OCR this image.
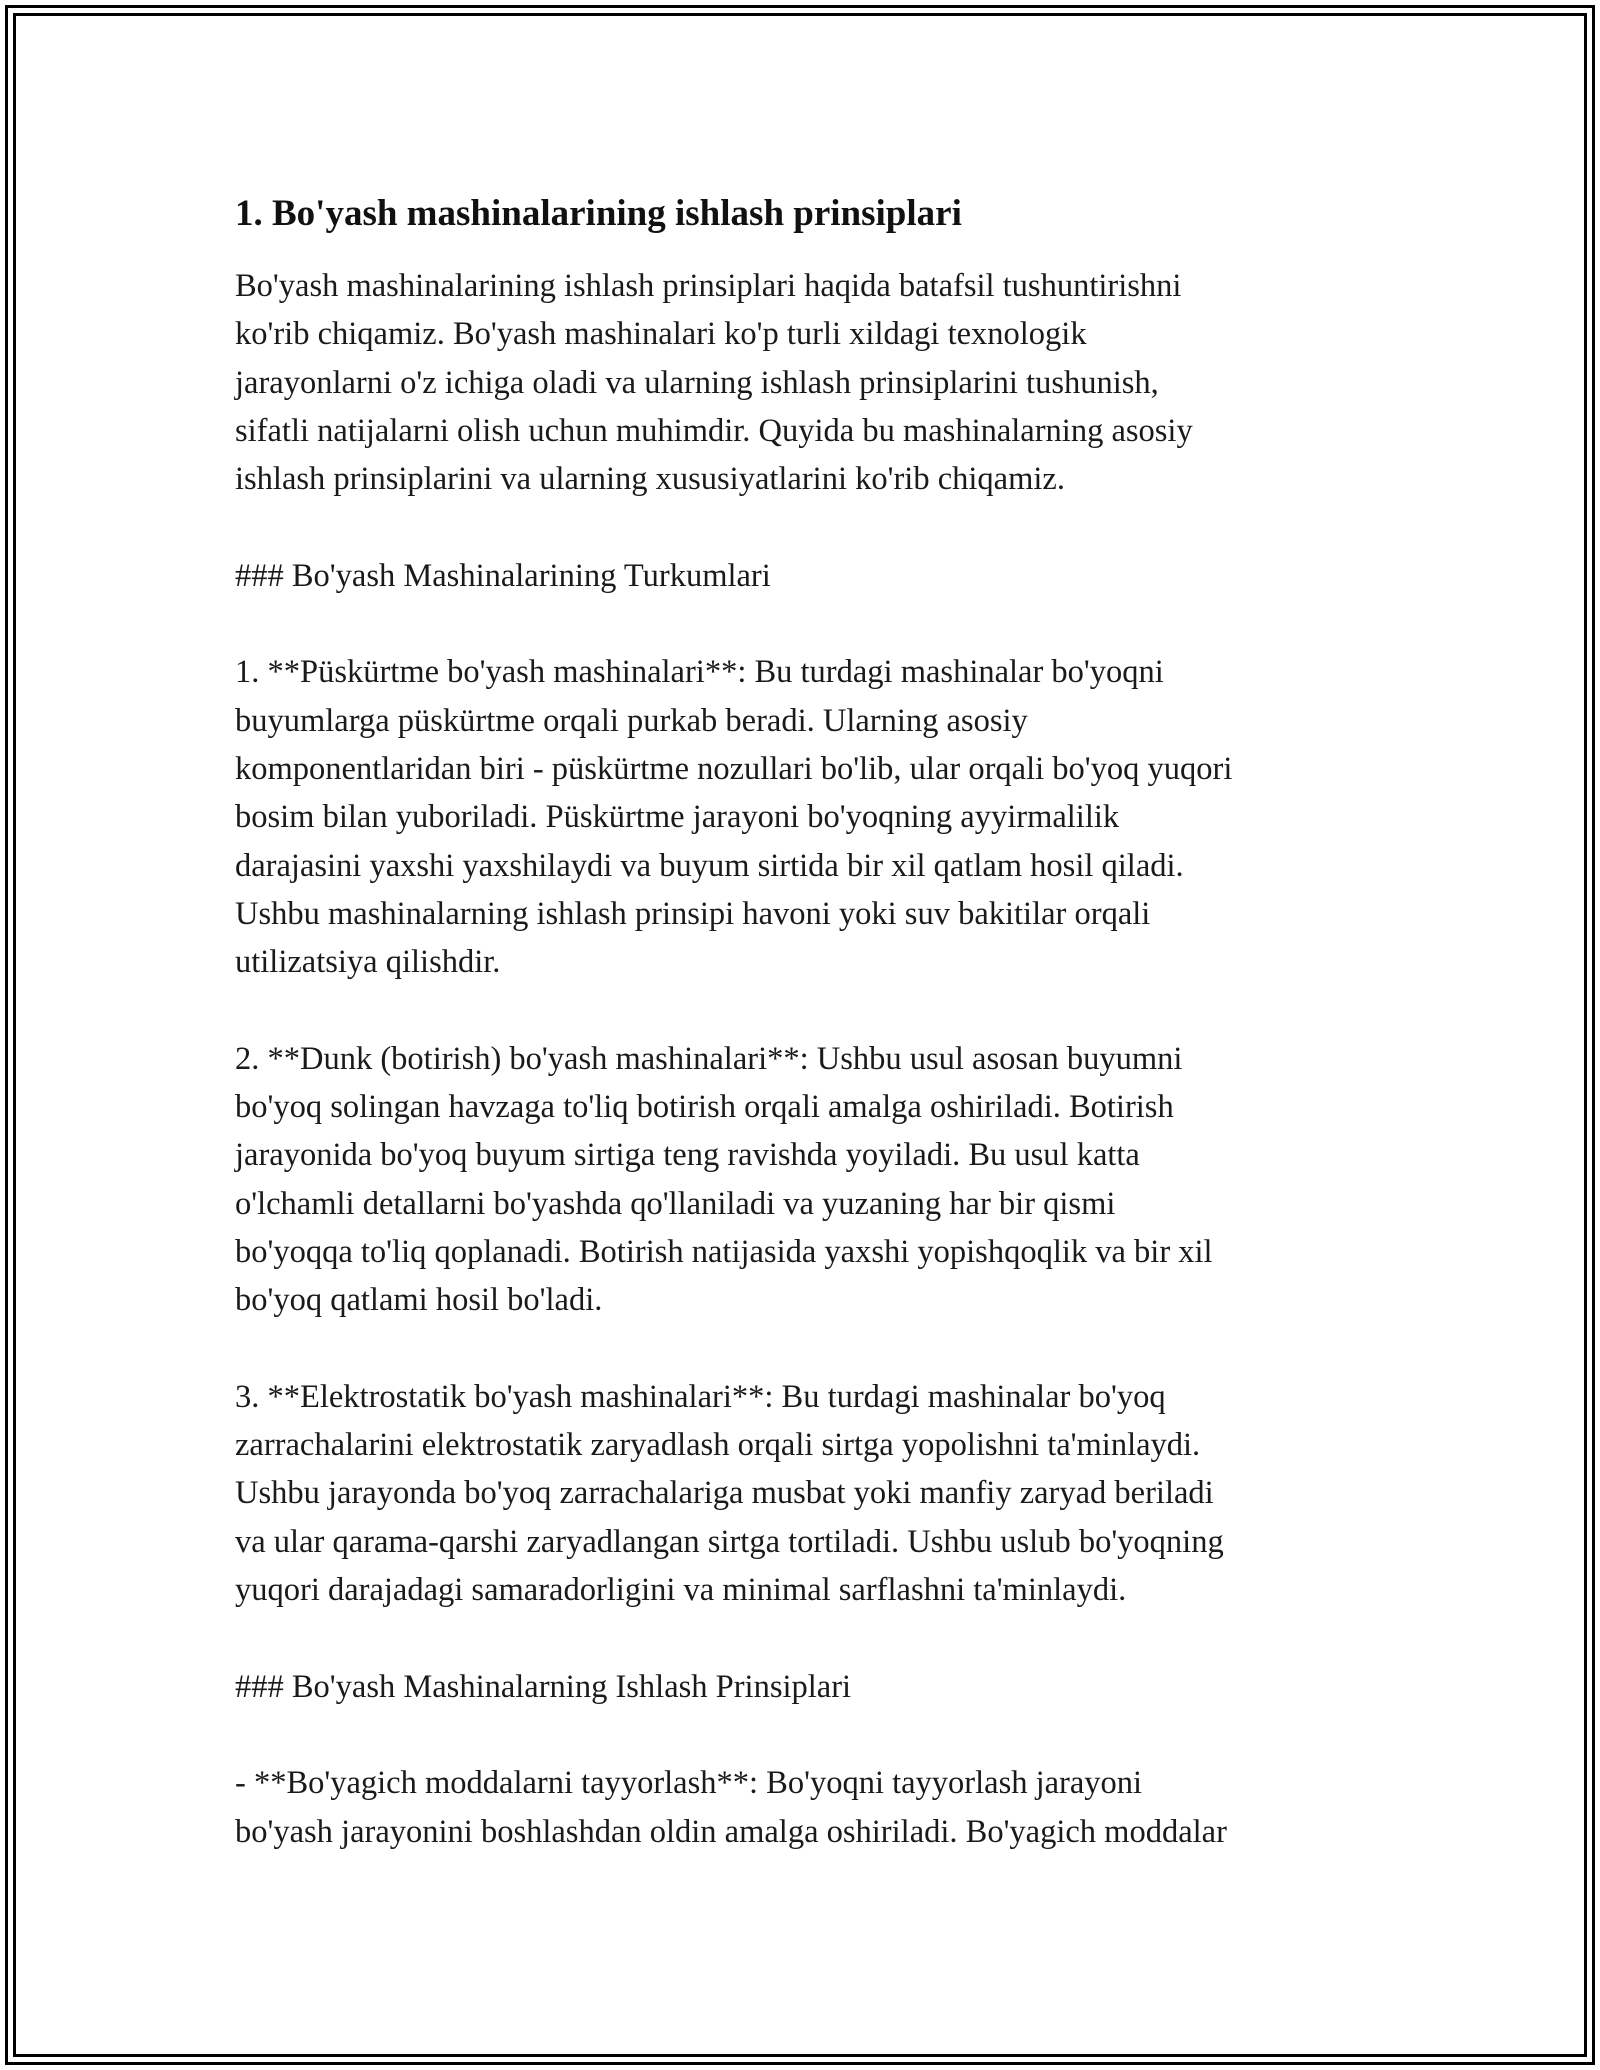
1. Bo'yash mashinalarining ishlash prinsiplari
Bo'yash mashinalarining ishlash prinsiplari haqida batafsil tushuntirishni
ko'rib chiqamiz. Bo'yash mashinalari ko'p turli xildagi texnologik
jarayonlarni o'z ichiga oladi va ularning ishlash prinsiplarini tushunish,
sifatli natijalarni olish uchun muhimdir. Quyida bu mashinalarning asosiy
ishlash prinsiplarini va ularning xususiyatlarini ko'rib chiqamiz.
### Bo'yash Mashinalarining Turkumlari
1. **Püskürtme bo'yash mashinalari**: Bu turdagi mashinalar bo'yoqni
buyumlarga püskürtme orqali purkab beradi. Ularning asosiy
komponentlaridan biri - püskürtme nozullari bo'lib, ular orqali bo'yoq yuqori
bosim bilan yuboriladi. Püskürtme jarayoni bo'yoqning ayyirmalilik
darajasini yaxshi yaxshilaydi va buyum sirtida bir xil qatlam hosil qiladi.
Ushbu mashinalarning ishlash prinsipi havoni yoki suv bakitilar orqali
utilizatsiya qilishdir.
2. **Dunk (botirish) bo'yash mashinalari**: Ushbu usul asosan buyumni
bo'yoq solingan havzaga to'liq botirish orqali amalga oshiriladi. Botirish
jarayonida bo'yoq buyum sirtiga teng ravishda yoyiladi. Bu usul katta
o'lchamli detallarni bo'yashda qo'llaniladi va yuzaning har bir qismi
bo'yoqqa to'liq qoplanadi. Botirish natijasida yaxshi yopishqoqlik va bir xil
bo'yoq qatlami hosil bo'ladi.
3. **Elektrostatik bo'yash mashinalari**: Bu turdagi mashinalar bo'yoq
zarrachalarini elektrostatik zaryadlash orqali sirtga yopolishni ta'minlaydi.
Ushbu jarayonda bo'yoq zarrachalariga musbat yoki manfiy zaryad beriladi
va ular qarama-qarshi zaryadlangan sirtga tortiladi. Ushbu uslub bo'yoqning
yuqori darajadagi samaradorligini va minimal sarflashni ta'minlaydi.
### Bo'yash Mashinalarning Ishlash Prinsiplari
- **Bo'yagich moddalarni tayyorlash**: Bo'yoqni tayyorlash jarayoni
bo'yash jarayonini boshlashdan oldin amalga oshiriladi. Bo'yagich moddalar
